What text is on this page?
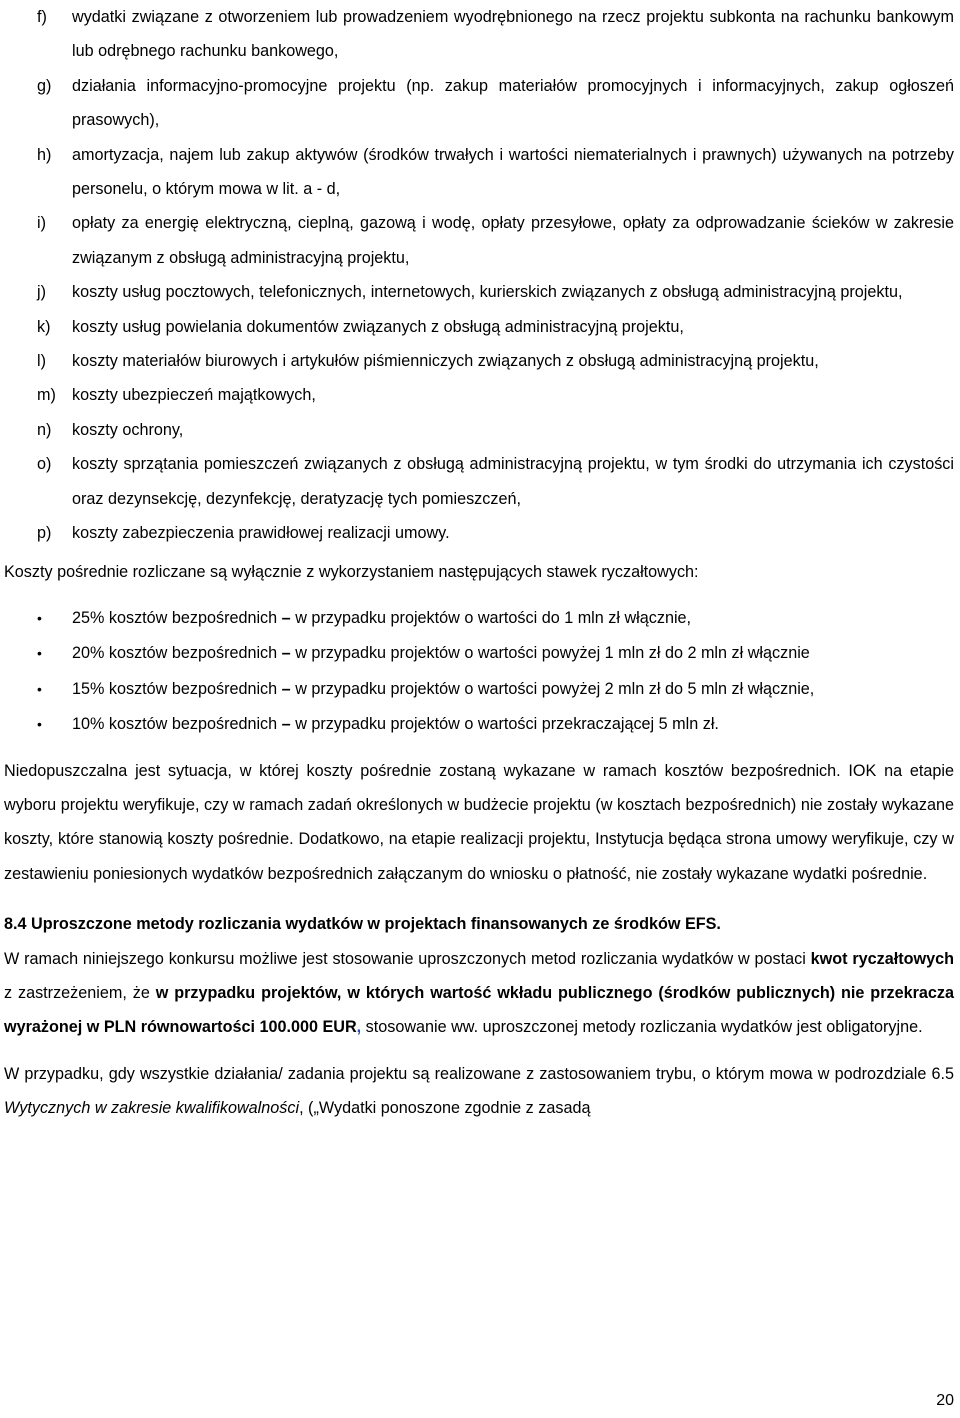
f)	wydatki związane z otworzeniem lub prowadzeniem wyodrębnionego na rzecz projektu subkonta na rachunku bankowym lub odrębnego rachunku bankowego,
g)	działania informacyjno-promocyjne projektu (np. zakup materiałów promocyjnych i informacyjnych, zakup ogłoszeń prasowych),
h)	amortyzacja, najem lub zakup aktywów (środków trwałych i wartości niematerialnych i prawnych) używanych na potrzeby personelu, o którym mowa w lit. a - d,
i)	opłaty za energię elektryczną, cieplną, gazową i wodę, opłaty przesyłowe, opłaty za odprowadzanie ścieków w zakresie związanym z obsługą administracyjną projektu,
j)	koszty usług pocztowych, telefonicznych, internetowych, kurierskich związanych z obsługą administracyjną projektu,
k)	koszty usług powielania dokumentów związanych z obsługą administracyjną projektu,
l)	koszty materiałów biurowych i artykułów piśmienniczych związanych z obsługą administracyjną projektu,
m) koszty ubezpieczeń majątkowych,
n)	koszty ochrony,
o)	koszty sprzątania pomieszczeń związanych z obsługą administracyjną projektu, w tym środki do utrzymania ich czystości oraz dezynsekcję, dezynfekcję, deratyzację tych pomieszczeń,
p)	koszty zabezpieczenia prawidłowej realizacji umowy.

Koszty pośrednie rozliczane są wyłącznie z wykorzystaniem następujących stawek ryczałtowych:

•	25% kosztów bezpośrednich – w przypadku projektów o wartości do 1 mln zł włącznie,
•	20% kosztów bezpośrednich – w przypadku projektów o wartości powyżej 1 mln zł do 2 mln zł włącznie
•	15% kosztów bezpośrednich – w przypadku projektów o wartości powyżej 2 mln zł do 5 mln zł włącznie,
•	10% kosztów bezpośrednich – w przypadku projektów o wartości przekraczającej 5 mln zł.

Niedopuszczalna jest sytuacja, w której koszty pośrednie zostaną wykazane w ramach kosztów bezpośrednich. IOK na etapie wyboru projektu weryfikuje, czy w ramach zadań określonych w budżecie projektu (w kosztach bezpośrednich) nie zostały wykazane koszty, które stanowią koszty pośrednie. Dodatkowo, na etapie realizacji projektu, Instytucja będąca strona umowy weryfikuje, czy w zestawieniu poniesionych wydatków bezpośrednich załączanym do wniosku o płatność, nie zostały wykazane wydatki pośrednie.

8.4 Uproszczone metody rozliczania wydatków w projektach finansowanych ze środków EFS.

W ramach niniejszego konkursu możliwe jest stosowanie uproszczonych metod rozliczania wydatków w postaci kwot ryczałtowych z zastrzeżeniem, że w przypadku projektów, w których wartość wkładu publicznego (środków publicznych) nie przekracza wyrażonej w PLN równowartości 100.000 EUR, stosowanie ww. uproszczonej metody rozliczania wydatków jest obligatoryjne.

W przypadku, gdy wszystkie działania/ zadania projektu są realizowane z zastosowaniem trybu, o którym mowa w podrozdziale 6.5 Wytycznych w zakresie kwalifikowalności, („Wydatki ponoszone zgodnie z zasadą

20
